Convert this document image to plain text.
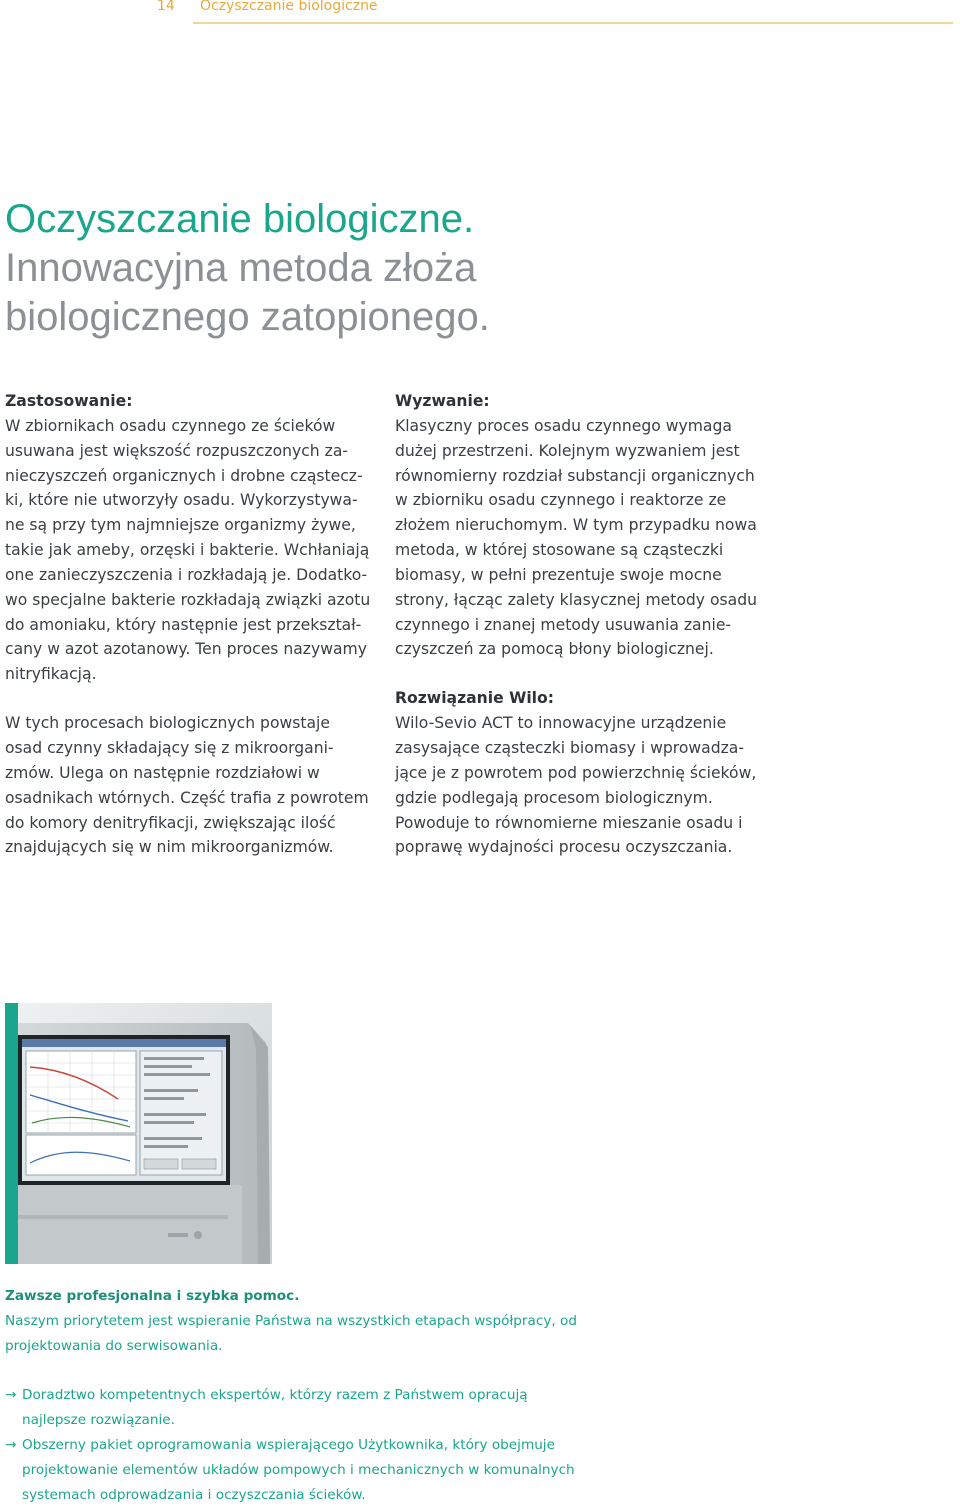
14 Oczyszczanie biologiczne
Oczyszczanie biologiczne.
Innowacyjna metoda złoża
biologicznego zatopionego.
Zastosowanie:

W zbiornikach osadu czynnego ze ścieków
usuwana jest większość rozpuszczonych za-
nieczyszczeń organicznych i drobne cząstecz-
ki, które nie utworzyły osadu. Wykorzystywa-
ne są przy tym najmniejsze organizmy żywe,
takie jak ameby, orzęski i bakterie. Wchłaniają
one zanieczyszczenia i rozkładają je. Dodatko-
wo specjalne bakterie rozkładają związki azotu
do amoniaku, który następnie jest przekształ-
cany w azot azotanowy. Ten proces nazywamy
nitryfikacją.

W tych procesach biologicznych powstaje
osad czynny składający się z mikroorgani-
zmów. Ulega on następnie rozdziałowi w
osadnikach wtórnych. Część trafia z powrotem
do komory denitryfikacji, zwiększając ilość
znajdujących się w nim mikroorganizmów.

Wyzwanie:

Klasyczny proces osadu czynnego wymaga
dużej przestrzeni. Kolejnym wyzwaniem jest
równomierny rozdział substancji organicznych
w zbiorniku osadu czynnego i reaktorze ze
złożem nieruchomym. W tym przypadku nowa
metoda, w której stosowane są cząsteczki
biomasy, w pełni prezentuje swoje mocne
strony, łącząc zalety klasycznej metody osadu
czynnego i znanej metody usuwania zanie-
czyszczeń za pomocą błony biologicznej.

Rozwiązanie Wilo:

Wilo-Sevio ACT to innowacyjne urządzenie
zasysające cząsteczki biomasy i wprowadza-
jące je z powrotem pod powierzchnię ścieków,
gdzie podlegają procesom biologicznym.
Powoduje to równomierne mieszanie osadu i
poprawę wydajności procesu oczyszczania.

Zawsze profesjonalna i szybka pomoc.
Naszym priorytetem jest wspieranie Państwa na wszystkich etapach współpracy, od
projektowania do serwisowania.
→ Doradztwo kompetentnych ekspertów, którzy razem z Państwem opracują
najlepsze rozwiązanie.
→ Obszerny pakiet oprogramowania wspierającego Użytkownika, który obejmuje
projektowanie elementów układów pompowych i mechanicznych w komunalnych
systemach odprowadzania i oczyszczania ścieków.
